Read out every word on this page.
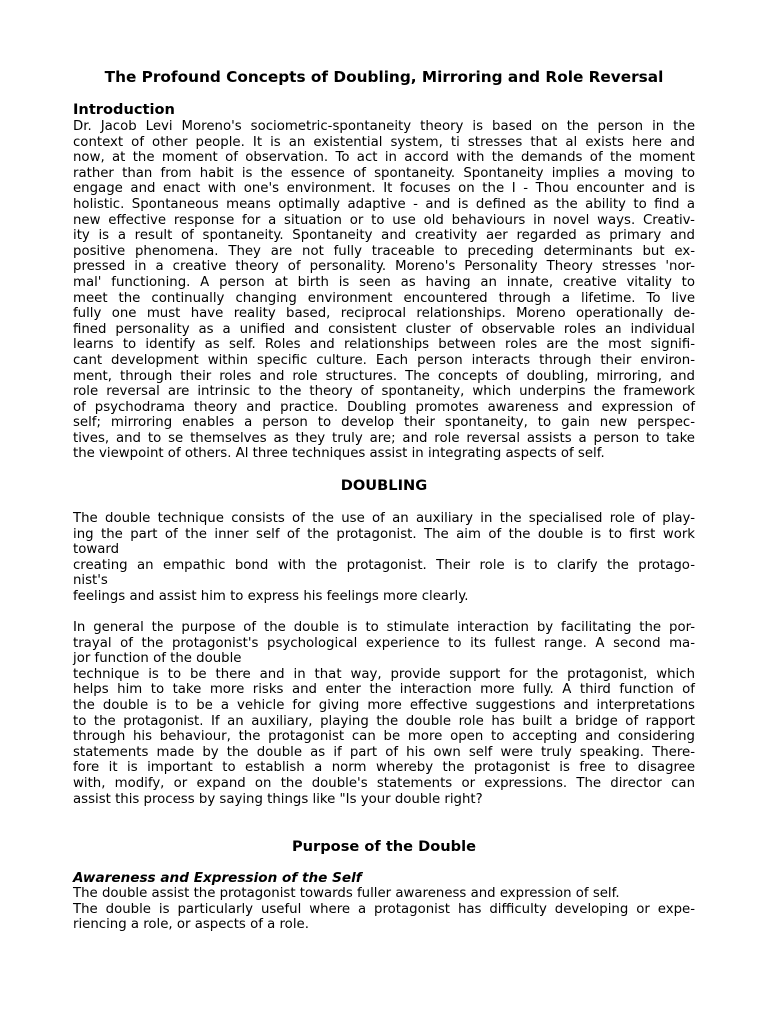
The Profound Concepts of Doubling, Mirroring and Role Reversal
Introduction
Dr. Jacob Levi Moreno's sociometric-spontaneity theory is based on the person in the
context of other people. It is an existential system, ti stresses that al exists here and
now, at the moment of observation. To act in accord with the demands of the moment
rather than from habit is the essence of spontaneity. Spontaneity implies a moving to
engage and enact with one's environment. It focuses on the I - Thou encounter and is
holistic. Spontaneous means optimally adaptive - and is defined as the ability to find a
new effective response for a situation or to use old behaviours in novel ways. Creativ-
ity is a result of spontaneity. Spontaneity and creativity aer regarded as primary and
positive phenomena. They are not fully traceable to preceding determinants but ex-
pressed in a creative theory of personality. Moreno's Personality Theory stresses 'nor-
mal' functioning. A person at birth is seen as having an innate, creative vitality to
meet the continually changing environment encountered through a lifetime. To live
fully one must have reality based, reciprocal relationships. Moreno operationally de-
fined personality as a unified and consistent cluster of observable roles an individual
learns to identify as self. Roles and relationships between roles are the most signifi-
cant development within specific culture. Each person interacts through their environ-
ment, through their roles and role structures. The concepts of doubling, mirroring, and
role reversal are intrinsic to the theory of spontaneity, which underpins the framework
of psychodrama theory and practice. Doubling promotes awareness and expression of
self; mirroring enables a person to develop their spontaneity, to gain new perspec-
tives, and to se themselves as they truly are; and role reversal assists a person to take
the viewpoint of others. Al three techniques assist in integrating aspects of self.
DOUBLING
The double technique consists of the use of an auxiliary in the specialised role of play-
ing the part of the inner self of the protagonist. The aim of the double is to first work
toward
creating an empathic bond with the protagonist. Their role is to clarify the protago-
nist's
feelings and assist him to express his feelings more clearly.
In general the purpose of the double is to stimulate interaction by facilitating the por-
trayal of the protagonist's psychological experience to its fullest range. A second ma-
jor function of the double
technique is to be there and in that way, provide support for the protagonist, which
helps him to take more risks and enter the interaction more fully. A third function of
the double is to be a vehicle for giving more effective suggestions and interpretations
to the protagonist. If an auxiliary, playing the double role has built a bridge of rapport
through his behaviour, the protagonist can be more open to accepting and considering
statements made by the double as if part of his own self were truly speaking. There-
fore it is important to establish a norm whereby the protagonist is free to disagree
with, modify, or expand on the double's statements or expressions. The director can
assist this process by saying things like "Is your double right?
Purpose of the Double
Awareness and Expression of the Self
The double assist the protagonist towards fuller awareness and expression of self.
The double is particularly useful where a protagonist has difficulty developing or expe-
riencing a role, or aspects of a role.
